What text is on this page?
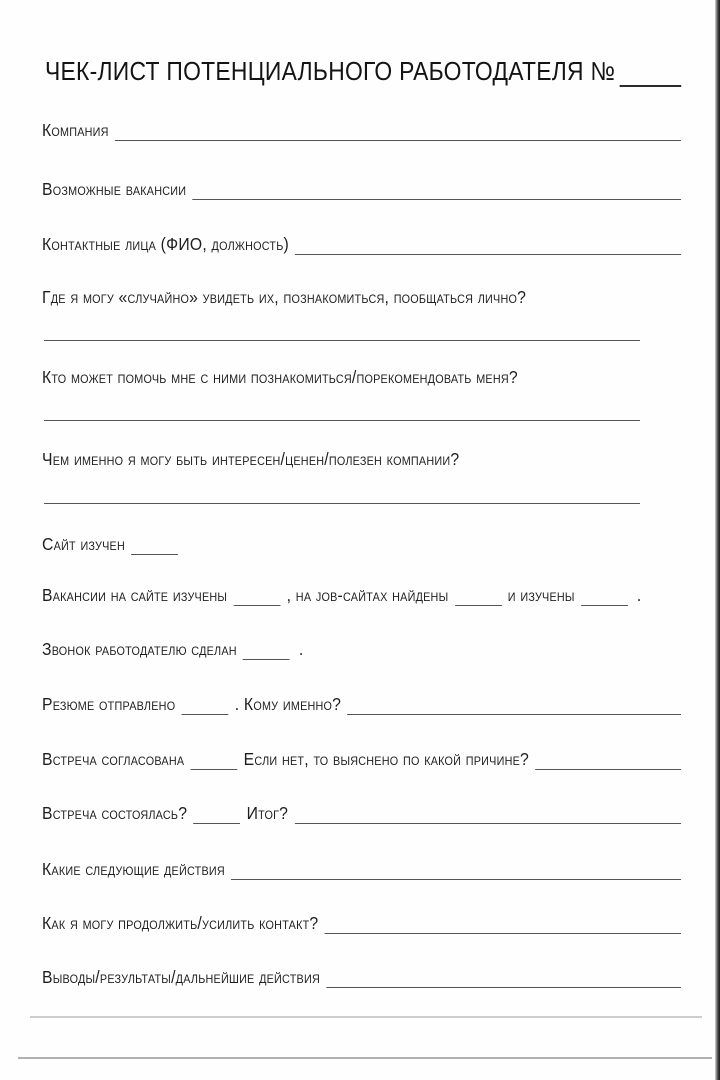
ЧЕК-ЛИСТ ПОТЕНЦИАЛЬНОГО РАБОТОДАТЕЛЯ №
Компания
Возможные вакансии
Контактные лица (ФИО, должность)
Где я могу «случайно» увидеть их, познакомиться, пообщаться лично?
Кто может помочь мне с ними познакомиться/порекомендовать меня?
Чем именно я могу быть интересен/ценен/полезен компании?
Сайт изучен
Вакансии на сайте изучены	, на job-сайтах найдены	и изучены	.
Звонок работодателю сделан	.
Резюме отправлено	. Кому именно?
Встреча согласована	Если нет, то выяснено по какой причине?
Встреча состоялась?	Итог?
Какие следующие действия
Как я могу продолжить/усилить контакт?
Выводы/результаты/дальнейшие действия
